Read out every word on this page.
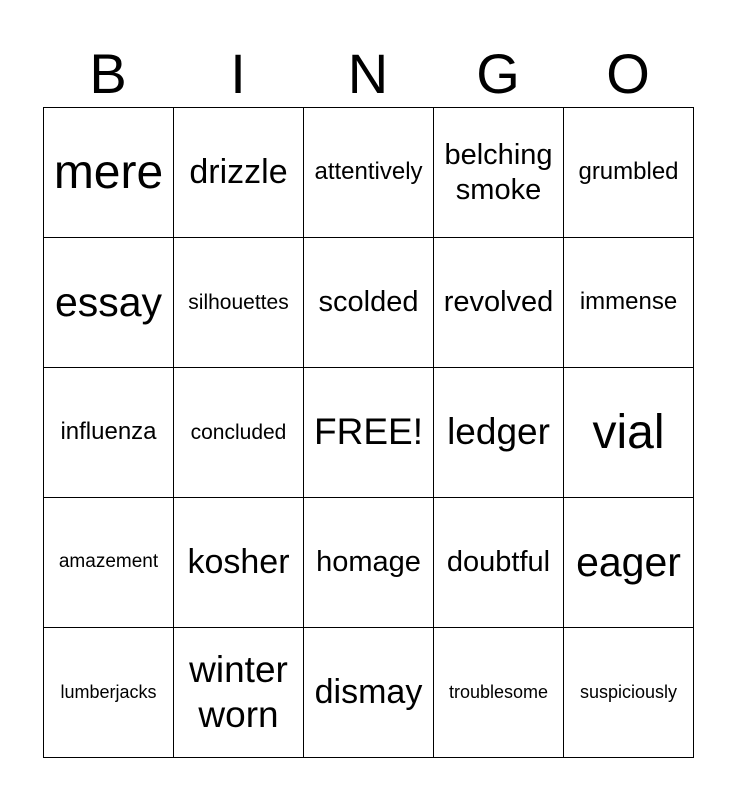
B	I	N	G	O
mere	drizzle	attentively	belching smoke	grumbled
essay	silhouettes	scolded	revolved	immense
influenza	concluded	FREE!	ledger	vial
amazement	kosher	homage	doubtful	eager
lumberjacks	winter worn	dismay	troublesome	suspiciously
